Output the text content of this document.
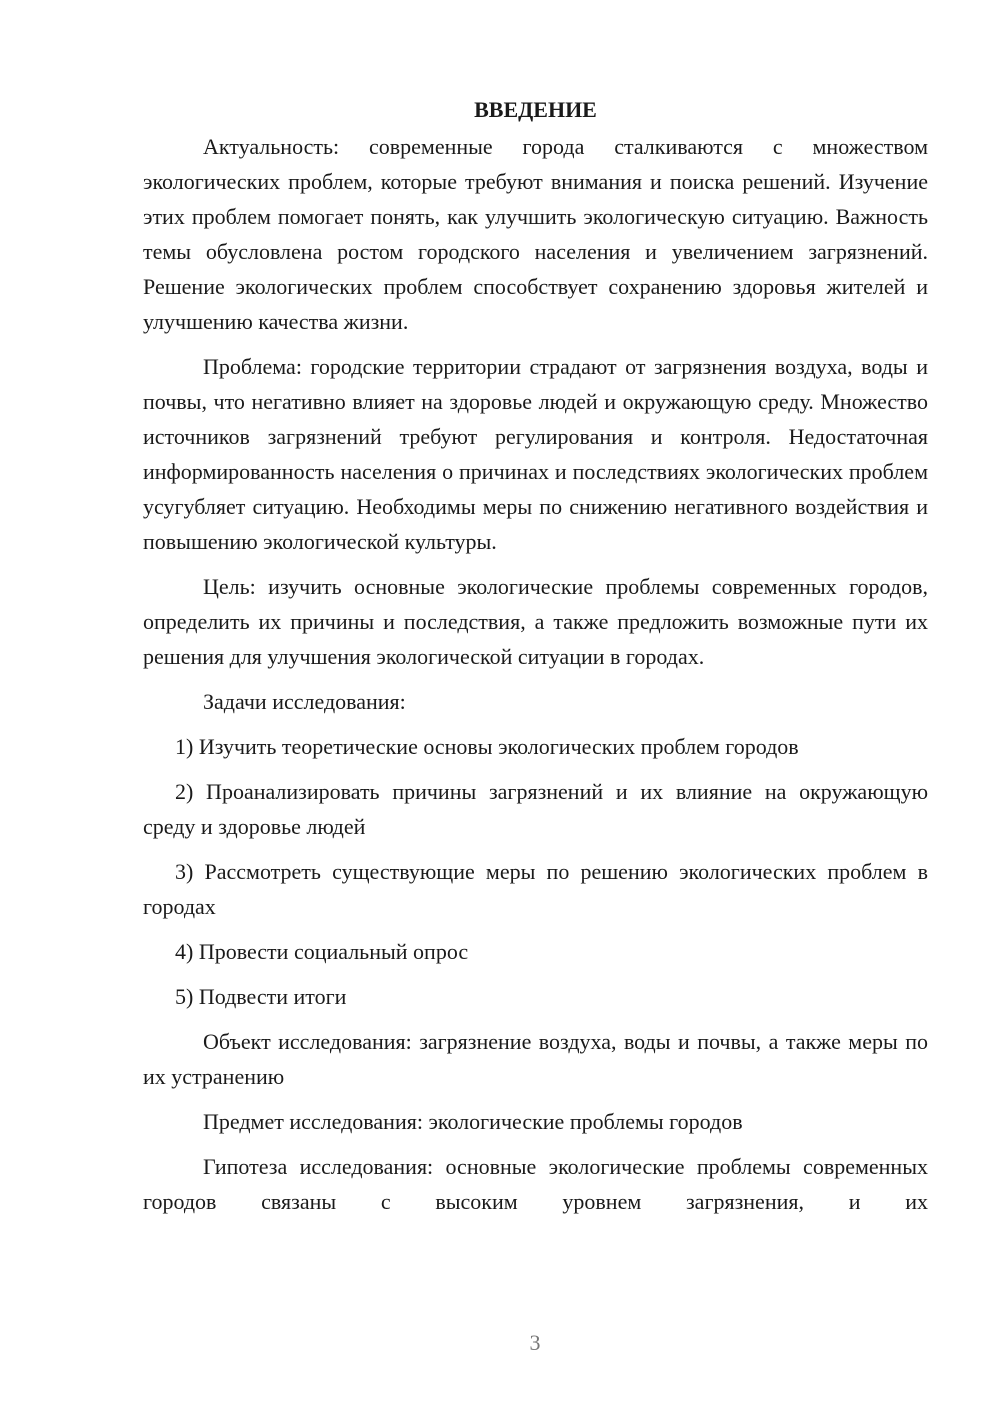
ВВЕДЕНИЕ

Актуальность: современные города сталкиваются с множеством экологических проблем, которые требуют внимания и поиска решений. Изучение этих проблем помогает понять, как улучшить экологическую ситуацию. Важность темы обусловлена ростом городского населения и увеличением загрязнений. Решение экологических проблем способствует сохранению здоровья жителей и улучшению качества жизни.

Проблема: городские территории страдают от загрязнения воздуха, воды и почвы, что негативно влияет на здоровье людей и окружающую среду. Множество источников загрязнений требуют регулирования и контроля. Недостаточная информированность населения о причинах и последствиях экологических проблем усугубляет ситуацию. Необходимы меры по снижению негативного воздействия и повышению экологической культуры.

Цель: изучить основные экологические проблемы современных городов, определить их причины и последствия, а также предложить возможные пути их решения для улучшения экологической ситуации в городах.

Задачи исследования:

1) Изучить теоретические основы экологических проблем городов

2) Проанализировать причины загрязнений и их влияние на окружающую среду и здоровье людей

3) Рассмотреть существующие меры по решению экологических проблем в городах

4) Провести социальный опрос

5) Подвести итоги

Объект исследования: загрязнение воздуха, воды и почвы, а также меры по их устранению

Предмет исследования: экологические проблемы городов

Гипотеза исследования: основные экологические проблемы современных городов связаны с высоким уровнем загрязнения, и их

3
